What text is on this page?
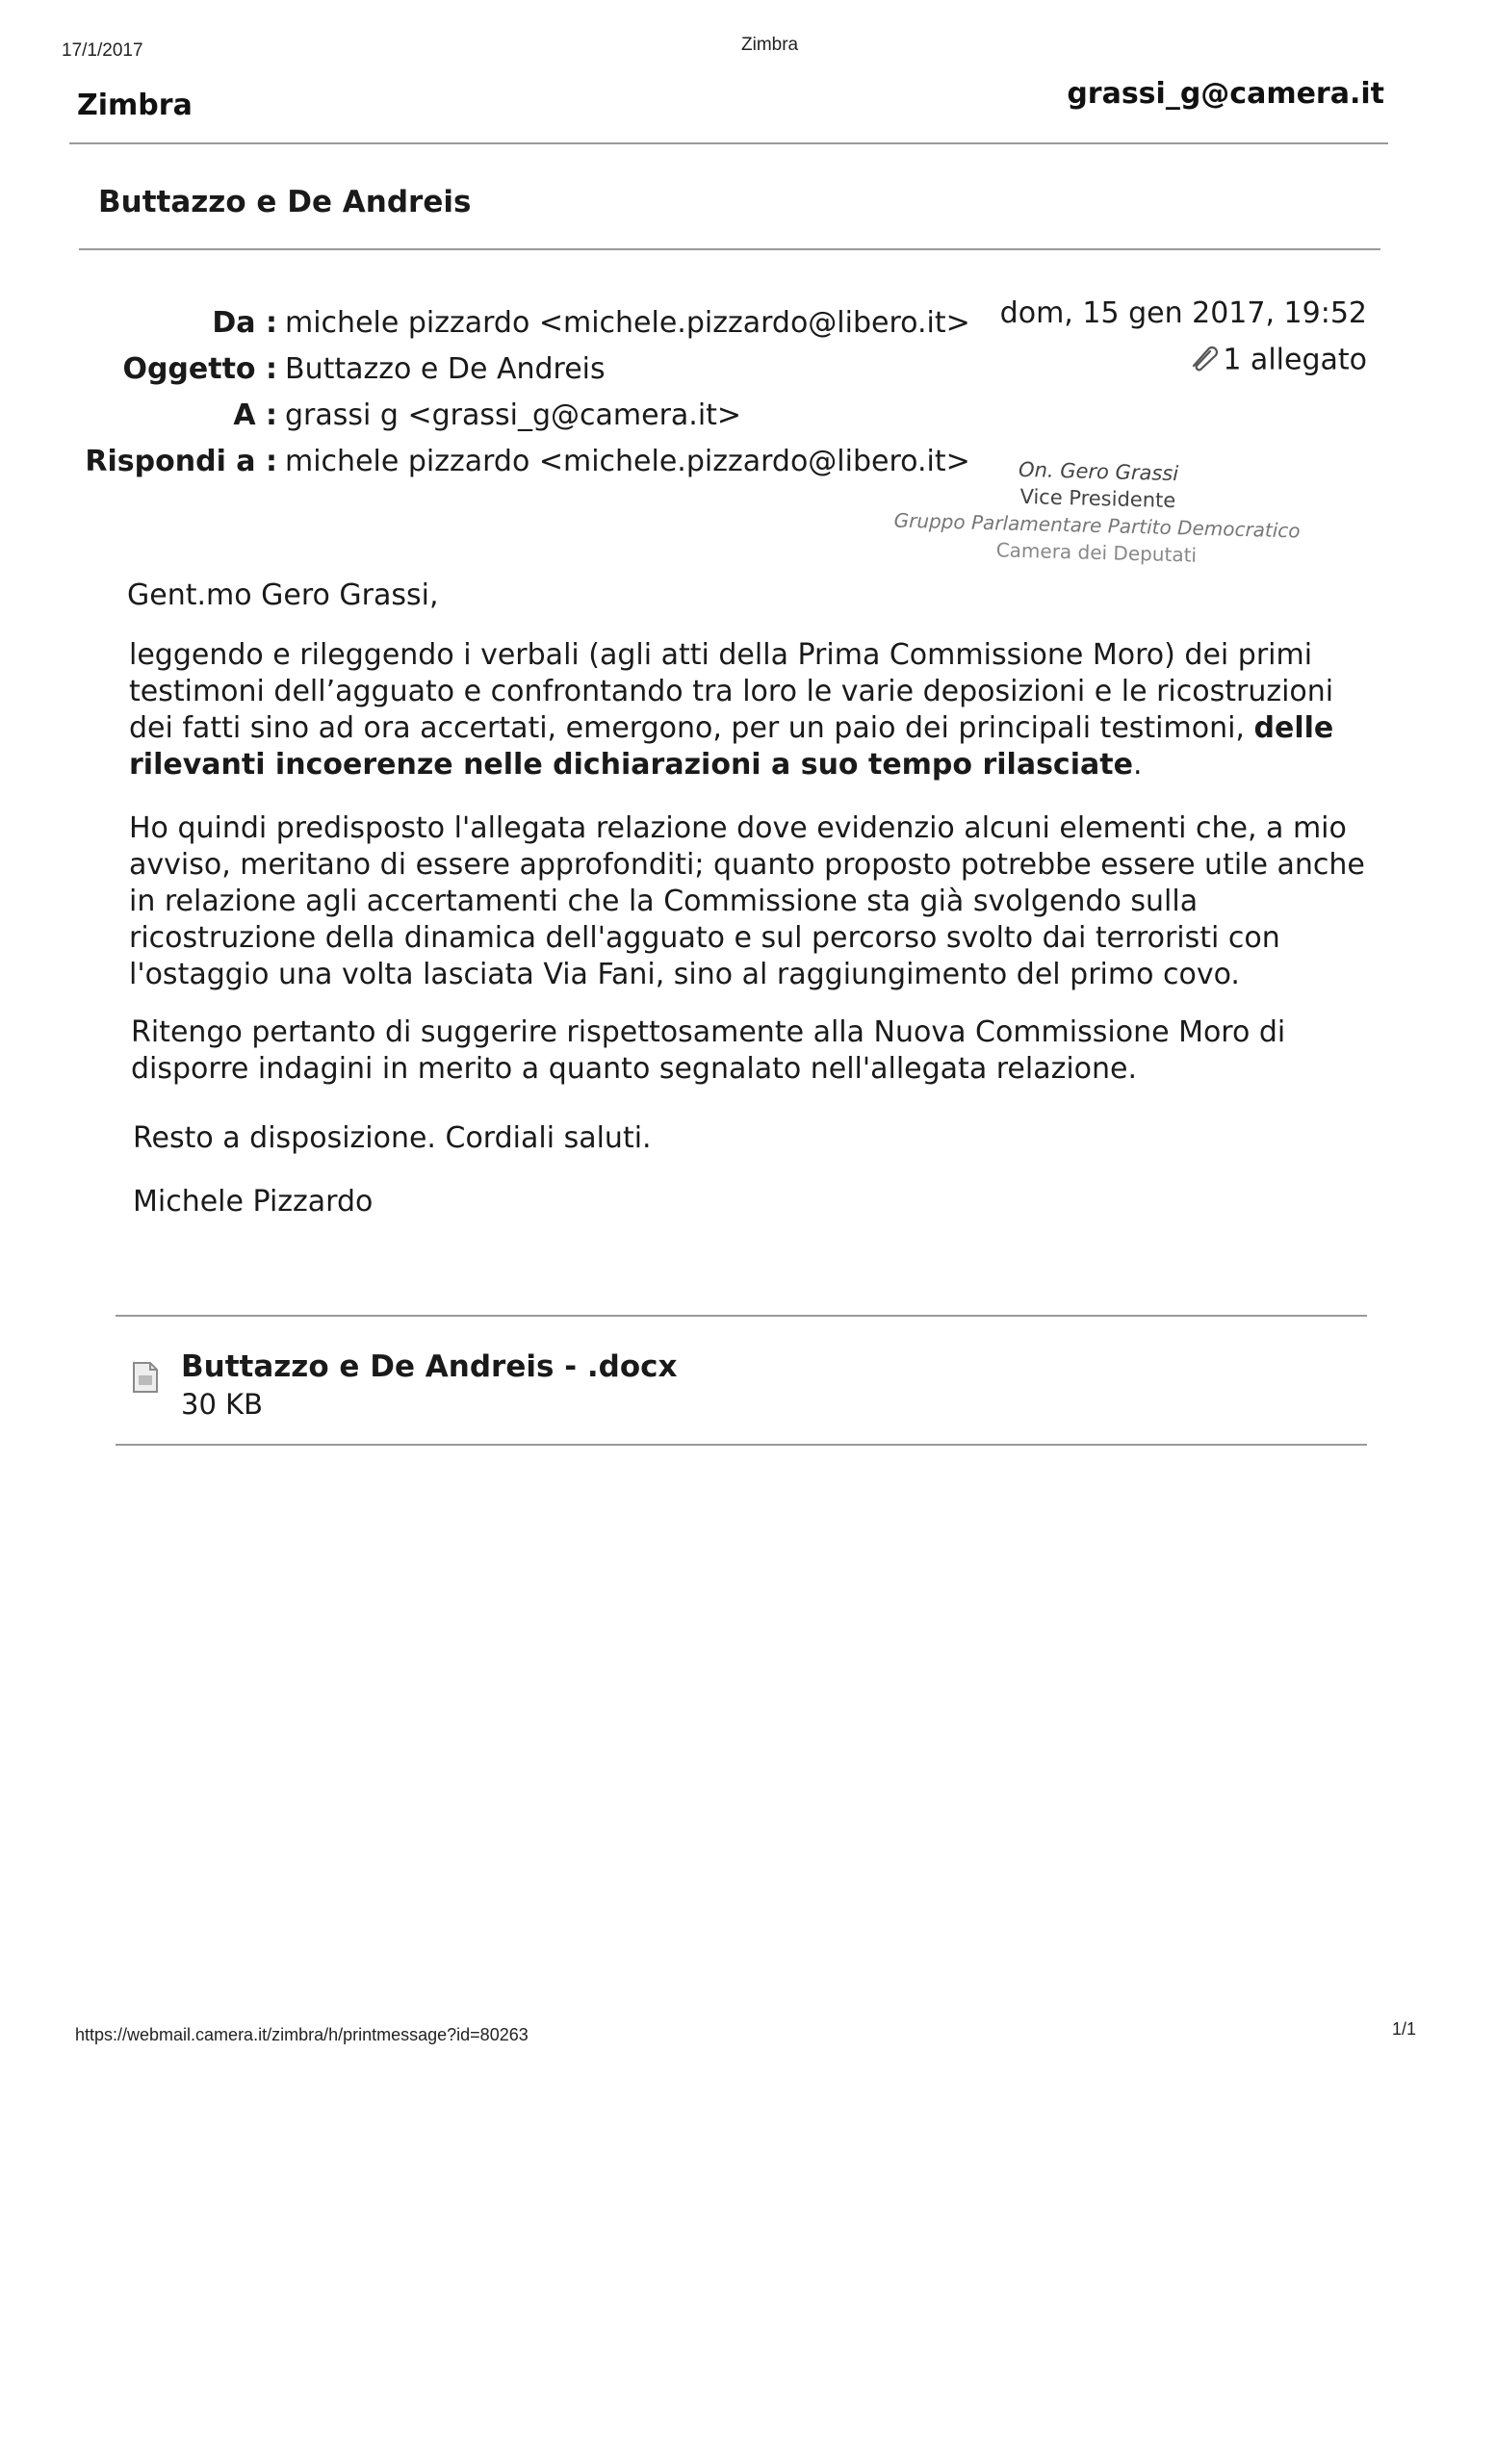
17/1/2017	Zimbra
Zimbra	grassi_g@camera.it
Buttazzo e De Andreis
Da : michele pizzardo <michele.pizzardo@libero.it>
Oggetto : Buttazzo e De Andreis
A : grassi g <grassi_g@camera.it>
Rispondi a : michele pizzardo <michele.pizzardo@libero.it>
dom, 15 gen 2017, 19:52
1 allegato
On. Gero Grassi
Vice Presidente
Gruppo Parlamentare Partito Democratico
Camera dei Deputati
Gent.mo Gero Grassi,
leggendo e rileggendo i verbali (agli atti della Prima Commissione Moro) dei primi testimoni dell’agguato e confrontando tra loro le varie deposizioni e le ricostruzioni dei fatti sino ad ora accertati, emergono, per un paio dei principali testimoni, delle rilevanti incoerenze nelle dichiarazioni a suo tempo rilasciate.
Ho quindi predisposto l'allegata relazione dove evidenzio alcuni elementi che, a mio avviso, meritano di essere approfonditi; quanto proposto potrebbe essere utile anche in relazione agli accertamenti che la Commissione sta già svolgendo sulla ricostruzione della dinamica dell'agguato e sul percorso svolto dai terroristi con l'ostaggio una volta lasciata Via Fani, sino al raggiungimento del primo covo.
Ritengo pertanto di suggerire rispettosamente alla Nuova Commissione Moro di disporre indagini in merito a quanto segnalato nell'allegata relazione.
Resto a disposizione. Cordiali saluti.
Michele Pizzardo
Buttazzo e De Andreis - .docx
30 KB
https://webmail.camera.it/zimbra/h/printmessage?id=80263	1/1
